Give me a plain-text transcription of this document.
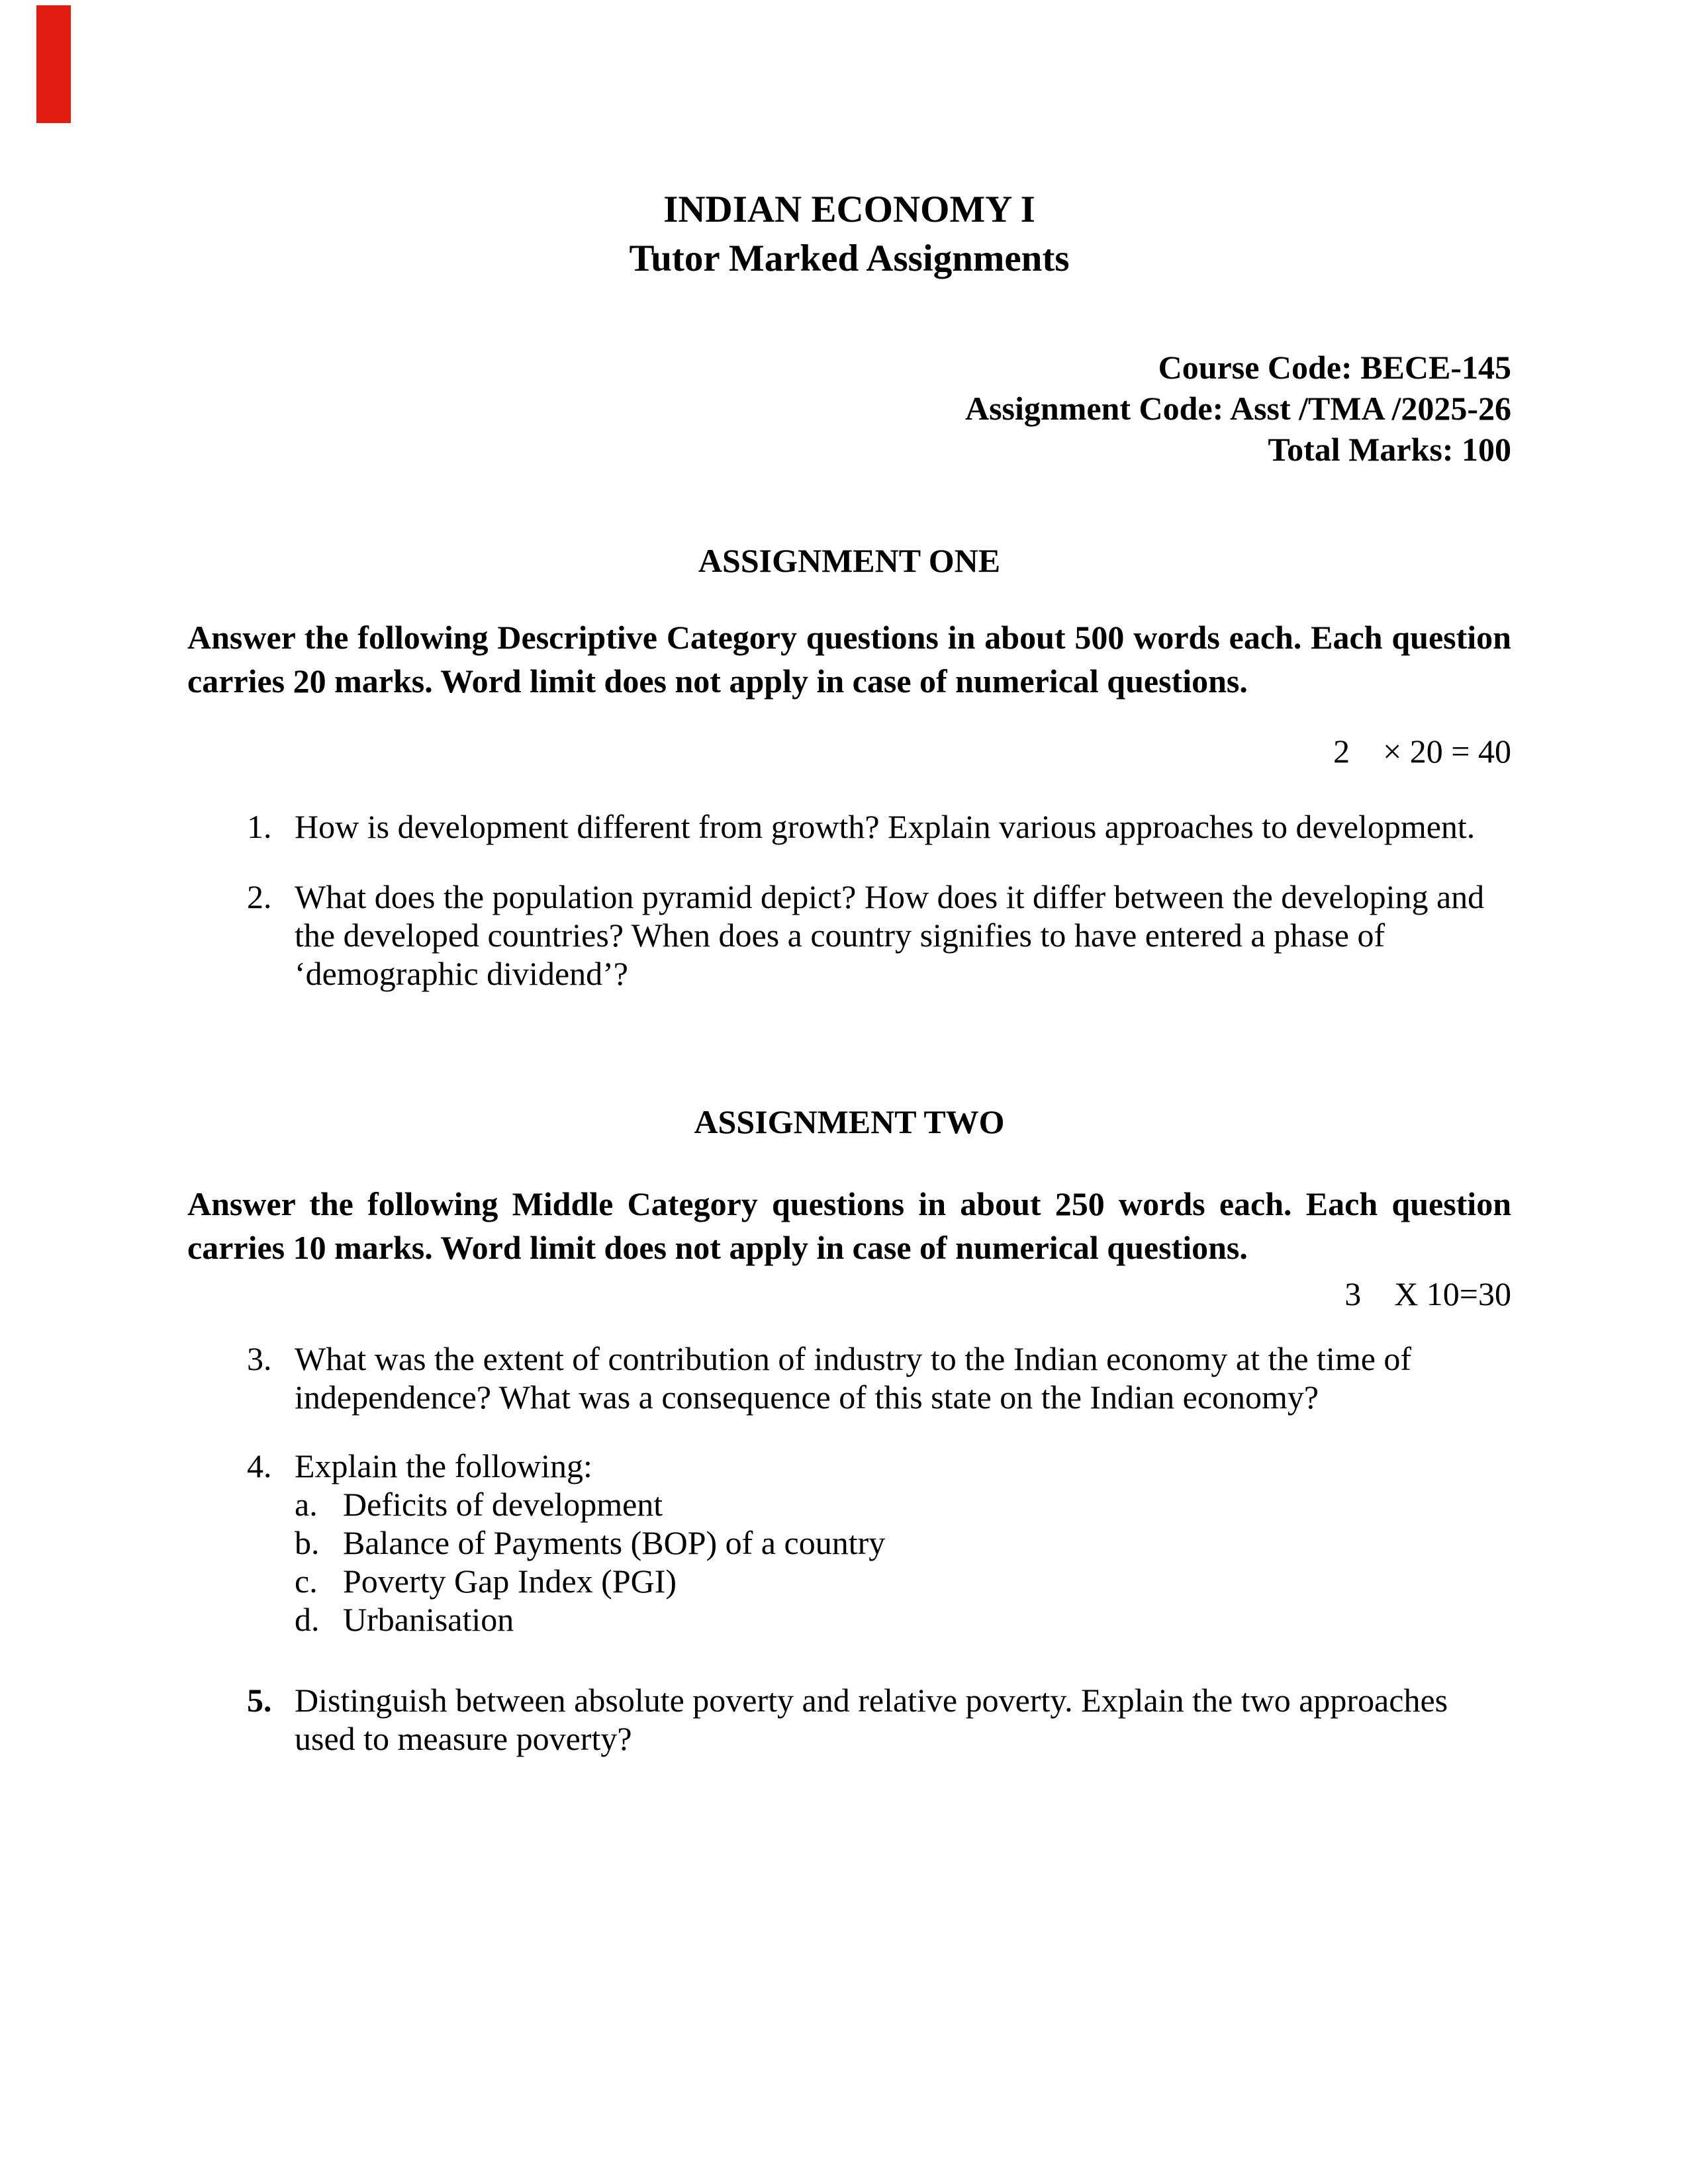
INDIAN ECONOMY I
Tutor Marked Assignments
Course Code: BECE-145
Assignment Code: Asst /TMA /2025-26
Total Marks: 100
ASSIGNMENT ONE

Answer the following Descriptive Category questions in about 500 words each. Each question carries 20 marks. Word limit does not apply in case of numerical questions.

2    × 20 = 40
1. How is development different from growth? Explain various approaches to development.
2. What does the population pyramid depict? How does it differ between the developing and the developed countries? When does a country signifies to have entered a phase of ‘demographic dividend’?
ASSIGNMENT TWO

Answer the following Middle Category questions in about 250 words each. Each question carries 10 marks. Word limit does not apply in case of numerical questions.

3    X 10=30
3. What was the extent of contribution of industry to the Indian economy at the time of independence? What was a consequence of this state on the Indian economy?
4. Explain the following:
a. Deficits of development
b. Balance of Payments (BOP) of a country
c. Poverty Gap Index (PGI)
d. Urbanisation
5. Distinguish between absolute poverty and relative poverty. Explain the two approaches used to measure poverty?
